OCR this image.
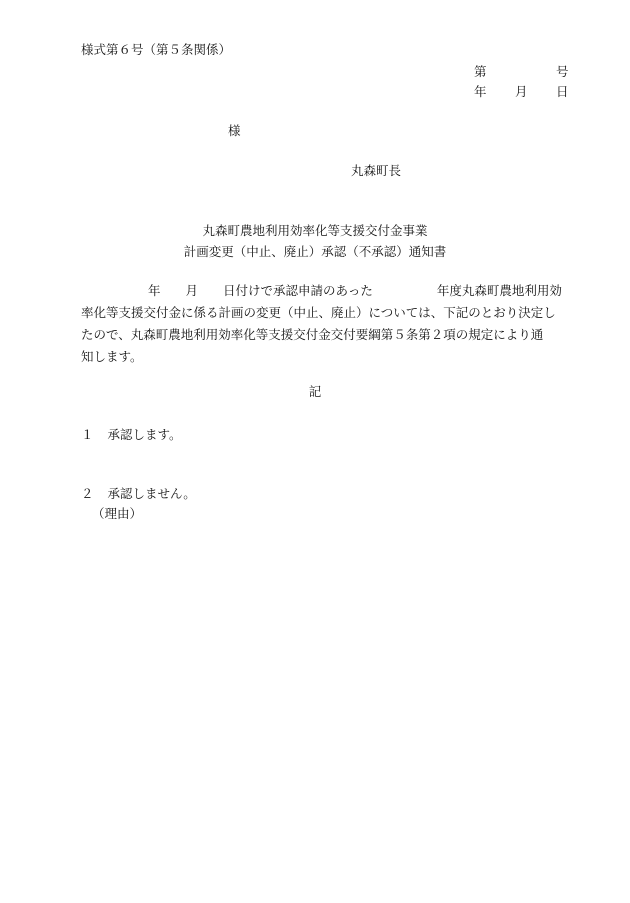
様式第６号（第５条関係）
第	号
年 月 日
様
丸森町長
丸森町農地利用効率化等支援交付金事業
計画変更（中止、廃止）承認（不承認）通知書
年 月 日付けで承認申請のあった	年度丸森町農地利用効
率化等支援交付金に係る計画の変更（中止、廃止）については、下記のとおり決定し
たので、丸森町農地利用効率化等支援交付金交付要綱第５条第２項の規定により通
知します。
記
１ 承認します。
２ 承認しません。
（理由）
